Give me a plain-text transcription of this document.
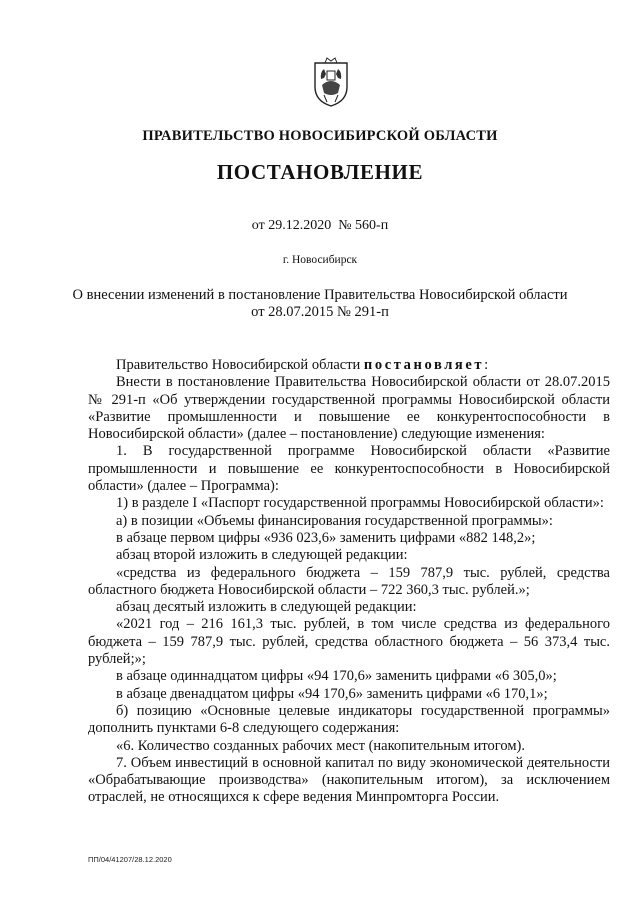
ПРАВИТЕЛЬСТВО НОВОСИБИРСКОЙ ОБЛАСТИ
ПОСТАНОВЛЕНИЕ
от 29.12.2020 № 560-п
г. Новосибирск
О внесении изменений в постановление Правительства Новосибирской области
от 28.07.2015 № 291-п

Правительство Новосибирской области постановляет:

Внести в постановление Правительства Новосибирской области от 28.07.2015 № 291-п «Об утверждении государственной программы Новосибирской области «Развитие промышленности и повышение ее конкурентоспособности в Новосибирской области» (далее – постановление) следующие изменения:

1. В государственной программе Новосибирской области «Развитие промышленности и повышение ее конкурентоспособности в Новосибирской области» (далее – Программа):

1) в разделе I «Паспорт государственной программы Новосибирской области»:

а) в позиции «Объемы финансирования государственной программы»:

в абзаце первом цифры «936 023,6» заменить цифрами «882 148,2»;

абзац второй изложить в следующей редакции:

«средства из федерального бюджета – 159 787,9 тыс. рублей, средства областного бюджета Новосибирской области – 722 360,3 тыс. рублей.»;

абзац десятый изложить в следующей редакции:

«2021 год – 216 161,3 тыс. рублей, в том числе средства из федерального бюджета – 159 787,9 тыс. рублей, средства областного бюджета – 56 373,4 тыс. рублей;»;

в абзаце одиннадцатом цифры «94 170,6» заменить цифрами «6 305,0»;

в абзаце двенадцатом цифры «94 170,6» заменить цифрами «6 170,1»;

б) позицию «Основные целевые индикаторы государственной программы» дополнить пунктами 6-8 следующего содержания:

«6. Количество созданных рабочих мест (накопительным итогом).

7. Объем инвестиций в основной капитал по виду экономической деятельности «Обрабатывающие производства» (накопительным итогом), за исключением отраслей, не относящихся к сфере ведения Минпромторга России.

ПП/04/41207/28.12.2020
